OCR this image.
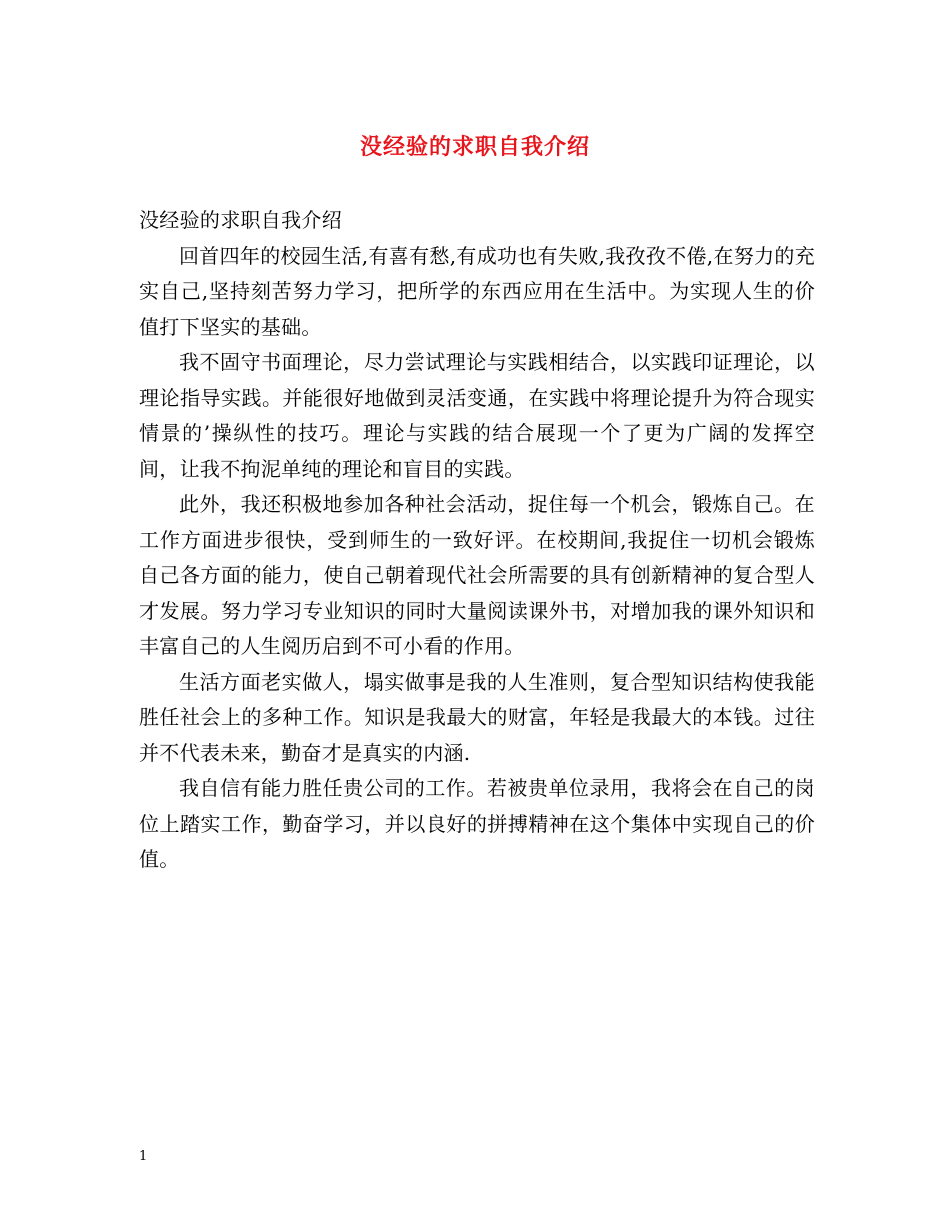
没经验的求职自我介绍

没经验的求职自我介绍

回首四年的校园生活,有喜有愁,有成功也有失败,我孜孜不倦,在努力的充实自己,坚持刻苦努力学习，把所学的东西应用在生活中。为实现人生的价值打下坚实的基础。

我不固守书面理论，尽力尝试理论与实践相结合，以实践印证理论，以理论指导实践。并能很好地做到灵活变通，在实践中将理论提升为符合现实情景的’操纵性的技巧。理论与实践的结合展现一个了更为广阔的发挥空间，让我不拘泥单纯的理论和盲目的实践。

此外，我还积极地参加各种社会活动，捉住每一个机会，锻炼自己。在工作方面进步很快，受到师生的一致好评。在校期间,我捉住一切机会锻炼自己各方面的能力，使自己朝着现代社会所需要的具有创新精神的复合型人才发展。努力学习专业知识的同时大量阅读课外书，对增加我的课外知识和丰富自己的人生阅历启到不可小看的作用。

生活方面老实做人，塌实做事是我的人生准则，复合型知识结构使我能胜任社会上的多种工作。知识是我最大的财富，年轻是我最大的本钱。过往并不代表未来，勤奋才是真实的内涵.

我自信有能力胜任贵公司的工作。若被贵单位录用，我将会在自己的岗位上踏实工作，勤奋学习，并以良好的拼搏精神在这个集体中实现自己的价值。

1
